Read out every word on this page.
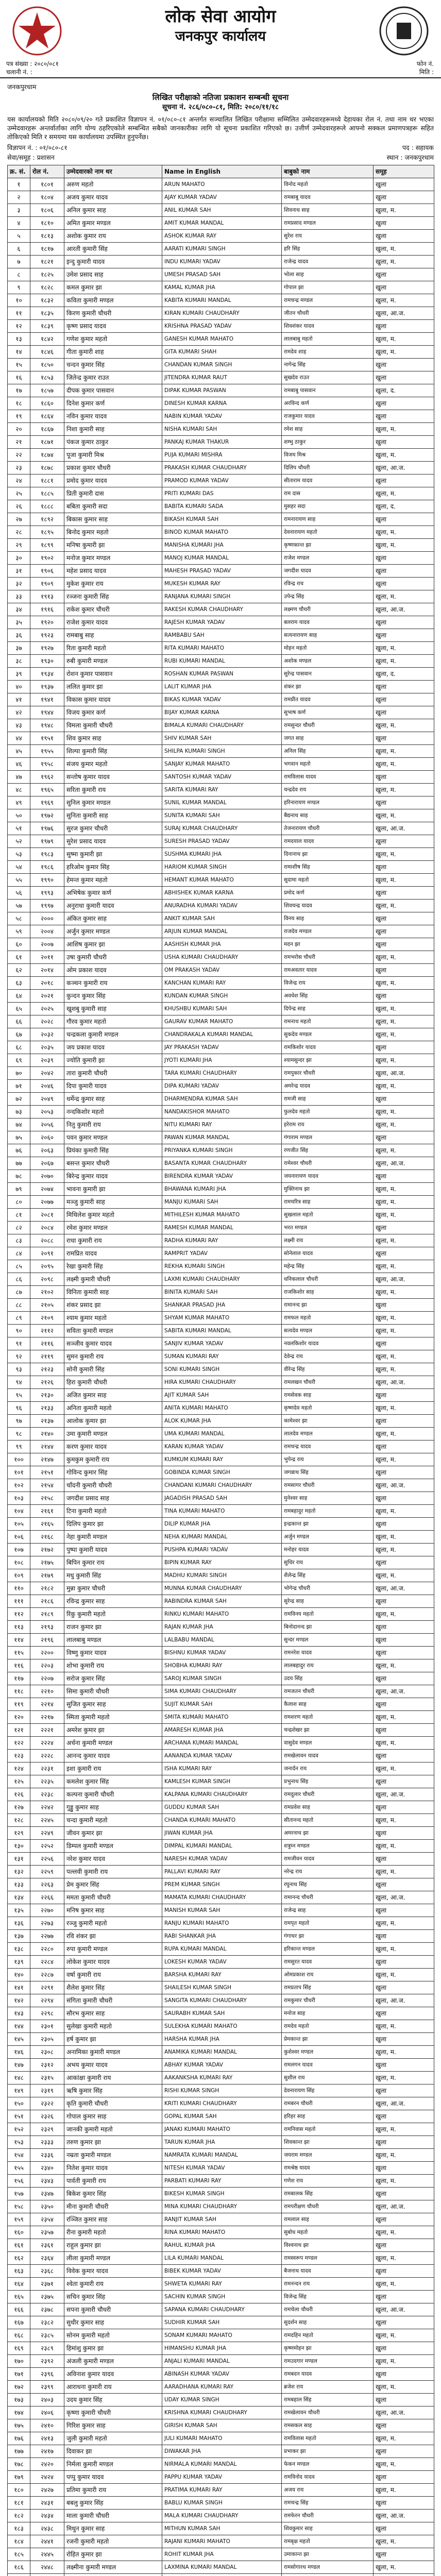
लोक सेवा आयोग
जनकपुर कार्यालय
पत्र संख्या : २०८०/०८१
चलानी नं. :
फोन नं.
मिति :
जनकपुरधाम
लिखित परीक्षाको नतिजा प्रकाशन सम्बन्धी सूचना
सूचना नं. २८६/०८०-८१, मिति: २०८०/११/१८

यस कार्यालयको मिति २०८०/०९/२० गते प्रकाशित विज्ञापन नं. ०१/०८०-८१ अन्तर्गत सञ्चालित लिखित परीक्षामा सम्मिलित उम्मेदवारहरूमध्ये देहायका रोल नं. तथा नाम थर भएका उम्मेदवारहरू अन्तर्वार्ताका लागि योग्य ठहरिएकोले सम्बन्धित सबैको जानकारीका लागि यो सूचना प्रकाशित गरिएको छ। उत्तीर्ण उम्मेदवारहरूले आफ्नो सक्कल प्रमाणपत्रहरू सहित तोकिएको मिति र समयमा यस कार्यालयमा उपस्थित हुनुपर्नेछ।

विज्ञापन नं. : ०१/०८०-८१	पद : सहायक
सेवा/समूह : प्रशासन	स्थान : जनकपुरधाम
क्र. सं.	रोल नं.	उम्मेदवारको नाम थर	Name in English	बाबुको नाम	समूह
१	१८०१	अरुण महतो	ARUN MAHATO	विनोद महतो	खुला
२	१८०४	अजय कुमार यादव	AJAY KUMAR YADAV	रामबाबु यादव	खुला
३	१८०६	अनिल कुमार साह	ANIL KUMAR SAH	शिवनाथ साह	खुला, म.
४	१८१०	अमित कुमार मण्डल	AMIT KUMAR MANDAL	रामप्रसाद मण्डल	खुला
५	१८१३	अशोक कुमार राय	ASHOK KUMAR RAY	सुरेश राय	खुला
६	१८१७	आरती कुमारी सिंह	AARATI KUMARI SINGH	हरि सिंह	खुला, म.
७	१८२१	इन्दु कुमारी यादव	INDU KUMARI YADAV	राजेन्द्र यादव	खुला, म.
८	१८२५	उमेश प्रसाद साह	UMESH PRASAD SAH	भोला साह	खुला
९	१८२८	कमल कुमार झा	KAMAL KUMAR JHA	गोपाल झा	खुला
१०	१८३२	कविता कुमारी मण्डल	KABITA KUMARI MANDAL	रामचन्द्र मण्डल	खुला, म.
११	१८३५	किरण कुमारी चौधरी	KIRAN KUMARI CHAUDHARY	जीतन चौधरी	खुला, आ.ज.
१२	१८३९	कृष्ण प्रसाद यादव	KRISHNA PRASAD YADAV	शिवशंकर यादव	खुला
१३	१८४२	गणेश कुमार महतो	GANESH KUMAR MAHATO	लालबाबु महतो	खुला, म.
१४	१८४६	गीता कुमारी शाह	GITA KUMARI SHAH	रामदेव शाह	खुला, म.
१५	१८५०	चन्दन कुमार सिंह	CHANDAN KUMAR SINGH	नागेन्द्र सिंह	खुला
१६	१८५३	जितेन्द्र कुमार राउत	JITENDRA KUMAR RAUT	सुखदेव राउत	खुला
१७	१८५७	दीपक कुमार पासवान	DIPAK KUMAR PASWAN	रामबाबु पासवान	खुला, द.
१८	१८६०	दिनेश कुमार कर्ण	DINESH KUMAR KARNA	अरविन्द कर्ण	खुला
१९	१८६४	नविन कुमार यादव	NABIN KUMAR YADAV	राजकुमार यादव	खुला
२०	१८६७	निशा कुमारी साह	NISHA KUMARI SAH	रमेश साह	खुला, म.
२१	१८७१	पंकज कुमार ठाकुर	PANKAJ KUMAR THAKUR	शम्भु ठाकुर	खुला
२२	१८७४	पूजा कुमारी मिश्र	PUJA KUMARI MISHRA	विजय मिश्र	खुला, म.
२३	१८७८	प्रकाश कुमार चौधरी	PRAKASH KUMAR CHAUDHARY	दिलिप चौधरी	खुला, आ.ज.
२४	१८८१	प्रमोद कुमार यादव	PRAMOD KUMAR YADAV	सीताराम यादव	खुला
२५	१८८५	प्रिती कुमारी दास	PRITI KUMARI DAS	राम दास	खुला, म.
२६	१८८८	बबिता कुमारी सदा	BABITA KUMARI SADA	मुसहर सदा	खुला, द.
२७	१८९२	बिकास कुमार साह	BIKASH KUMAR SAH	रामनारायण साह	खुला
२८	१८९५	बिनोद कुमार महतो	BINOD KUMAR MAHATO	देवनारायण महतो	खुला, म.
२९	१८९९	मनिषा कुमारी झा	MANISHA KUMARI JHA	कृष्णकान्त झा	खुला, म.
३०	१९०२	मनोज कुमार मण्डल	MANOJ KUMAR MANDAL	राजेश मण्डल	खुला
३१	१९०६	महेश प्रसाद यादव	MAHESH PRASAD YADAV	जगदीश यादव	खुला
३२	१९०९	मुकेश कुमार राय	MUKESH KUMAR RAY	रविन्द्र राय	खुला
३३	१९१३	रञ्जना कुमारी सिंह	RANJANA KUMARI SINGH	उपेन्द्र सिंह	खुला, म.
३४	१९१६	राकेश कुमार चौधरी	RAKESH KUMAR CHAUDHARY	लक्ष्मण चौधरी	खुला, आ.ज.
३५	१९२०	राजेश कुमार यादव	RAJESH KUMAR YADAV	बलराम यादव	खुला
३६	१९२३	रामबाबु साह	RAMBABU SAH	सत्यनारायण साह	खुला
३७	१९२७	रिता कुमारी महतो	RITA KUMARI MAHATO	मोहन महतो	खुला, म.
३८	१९३०	रुबी कुमारी मण्डल	RUBI KUMARI MANDAL	अशोक मण्डल	खुला, म.
३९	१९३४	रोशन कुमार पासवान	ROSHAN KUMAR PASWAN	सुरेन्द्र पासवान	खुला, द.
४०	१९३७	ललित कुमार झा	LALIT KUMAR JHA	शंकर झा	खुला
४१	१९४१	विकास कुमार यादव	BIKAS KUMAR YADAV	रामप्रीत यादव	खुला
४२	१९४४	विजय कुमार कर्ण	BIJAY KUMAR KARNA	सुभाष कर्ण	खुला
४३	१९४८	विमला कुमारी चौधरी	BIMALA KUMARI CHAUDHARY	रामसुन्दर चौधरी	खुला, म.
४४	१९५१	शिव कुमार साह	SHIV KUMAR SAH	जगत साह	खुला
४५	१९५५	शिल्पा कुमारी सिंह	SHILPA KUMARI SINGH	अनिल सिंह	खुला, म.
४६	१९५८	संजय कुमार महतो	SANJAY KUMAR MAHATO	भगवान महतो	खुला, म.
४७	१९६२	सन्तोष कुमार यादव	SANTOSH KUMAR YADAV	रामविलास यादव	खुला
४८	१९६५	सरिता कुमारी राय	SARITA KUMARI RAY	चन्द्रदेव राय	खुला, म.
४९	१९६९	सुनिल कुमार मण्डल	SUNIL KUMAR MANDAL	हरिनारायण मण्डल	खुला
५०	१९७२	सुनिता कुमारी साह	SUNITA KUMARI SAH	बैद्यनाथ साह	खुला, म.
५१	१९७६	सुरज कुमार चौधरी	SURAJ KUMAR CHAUDHARY	तेजनारायण चौधरी	खुला, आ.ज.
५२	१९७९	सुरेश प्रसाद यादव	SURESH PRASAD YADAV	रामदयाल यादव	खुला
५३	१९८३	सुष्मा कुमारी झा	SUSHMA KUMARI JHA	दिनानाथ झा	खुला, म.
५४	१९८६	हरिओम कुमार सिंह	HARIOM KUMAR SINGH	रामाशीष सिंह	खुला
५५	१९९०	हेमन्त कुमार महतो	HEMANT KUMAR MAHATO	सुदामा महतो	खुला, म.
५६	१९९३	अभिषेक कुमार कर्ण	ABHISHEK KUMAR KARNA	प्रमोद कर्ण	खुला
५७	१९९७	अनुराधा कुमारी यादव	ANURADHA KUMARI YADAV	शिवचन्द्र यादव	खुला, म.
५८	२०००	अंकित कुमार साह	ANKIT KUMAR SAH	विनय साह	खुला
५९	२००४	अर्जुन कुमार मण्डल	ARJUN KUMAR MANDAL	राजदेव मण्डल	खुला
६०	२००७	आशिष कुमार झा	AASHISH KUMAR JHA	मदन झा	खुला
६१	२०११	उषा कुमारी चौधरी	USHA KUMARI CHAUDHARY	रामभरोस चौधरी	खुला, म.
६२	२०१४	ओम प्रकाश यादव	OM PRAKASH YADAV	रामअवतार यादव	खुला
६३	२०१८	कञ्चन कुमारी राय	KANCHAN KUMARI RAY	विजेन्द्र राय	खुला, म.
६४	२०२१	कुन्दन कुमार सिंह	KUNDAN KUMAR SINGH	अवधेश सिंह	खुला
६५	२०२५	खुशबु कुमारी साह	KHUSHBU KUMARI SAH	दिपेन्द्र साह	खुला, म.
६६	२०२८	गौरव कुमार महतो	GAURAV KUMAR MAHATO	रामनाथ महतो	खुला, म.
६७	२०३२	चन्द्रकला कुमारी मण्डल	CHANDRAKALA KUMARI MANDAL	सुकदेव मण्डल	खुला, म.
६८	२०३५	जय प्रकाश यादव	JAY PRAKASH YADAV	रामकिशोर यादव	खुला
६९	२०३९	ज्योति कुमारी झा	JYOTI KUMARI JHA	श्यामसुन्दर झा	खुला, म.
७०	२०४२	तारा कुमारी चौधरी	TARA KUMARI CHAUDHARY	रामपुकार चौधरी	खुला, आ.ज.
७१	२०४६	दिपा कुमारी यादव	DIPA KUMARI YADAV	अमरेन्द्र यादव	खुला, म.
७२	२०४९	धर्मेन्द्र कुमार साह	DHARMENDRA KUMAR SAH	रामजी साह	खुला
७३	२०५३	नन्दकिशोर महतो	NANDAKISHOR MAHATO	फुलदेव महतो	खुला, म.
७४	२०५६	नितु कुमारी राय	NITU KUMARI RAY	हरेराम राय	खुला, म.
७५	२०६०	पवन कुमार मण्डल	PAWAN KUMAR MANDAL	गंगाराम मण्डल	खुला
७६	२०६३	प्रियंका कुमारी सिंह	PRIYANKA KUMARI SINGH	रणजीत सिंह	खुला, म.
७७	२०६७	बसन्त कुमार चौधरी	BASANTA KUMAR CHAUDHARY	रामेश्वर चौधरी	खुला, आ.ज.
७८	२०७०	बिरेन्द्र कुमार यादव	BIRENDRA KUMAR YADAV	जयनारायण यादव	खुला
७९	२०७४	भावना कुमारी झा	BHAWANA KUMARI JHA	मुक्तिनाथ झा	खुला, म.
८०	२०७७	मञ्जु कुमारी साह	MANJU KUMARI SAH	रामचरित्र साह	खुला, म.
८१	२०८१	मिथिलेश कुमार महतो	MITHILESH KUMAR MAHATO	सुखलाल महतो	खुला, म.
८२	२०८४	रमेश कुमार मण्डल	RAMESH KUMAR MANDAL	भरत मण्डल	खुला
८३	२०८८	राधा कुमारी राय	RADHA KUMARI RAY	लक्ष्मी राय	खुला, म.
८४	२०९१	रामप्रित यादव	RAMPRIT YADAV	सोनेलाल यादव	खुला
८५	२०९५	रेखा कुमारी सिंह	REKHA KUMARI SINGH	महेन्द्र सिंह	खुला, म.
८६	२०९८	लक्ष्मी कुमारी चौधरी	LAXMI KUMARI CHAUDHARY	धनिकलाल चौधरी	खुला, आ.ज.
८७	२१०२	विनिता कुमारी साह	BINITA KUMARI SAH	राजकिशोर साह	खुला, म.
८८	२१०५	शंकर प्रसाद झा	SHANKAR PRASAD JHA	रामानन्द झा	खुला
८९	२१०९	श्याम कुमार महतो	SHYAM KUMAR MAHATO	रामफल महतो	खुला, म.
९०	२११२	सविता कुमारी मण्डल	SABITA KUMARI MANDAL	सत्यदेव मण्डल	खुला, म.
९१	२११६	सञ्जीव कुमार यादव	SANJIV KUMAR YADAV	नवलकिशोर यादव	खुला
९२	२११९	सुमन कुमारी राय	SUMAN KUMARI RAY	देवेन्द्र राय	खुला, म.
९३	२१२३	सोनी कुमारी सिंह	SONI KUMARI SINGH	वीरेन्द्र सिंह	खुला, म.
९४	२१२६	हिरा कुमारी चौधरी	HIRA KUMARI CHAUDHARY	रामलखन चौधरी	खुला, आ.ज.
९५	२१३०	अजित कुमार साह	AJIT KUMAR SAH	रामसेवक साह	खुला
९६	२१३३	अनिता कुमारी महतो	ANITA KUMARI MAHATO	कृष्णदेव महतो	खुला, म.
९७	२१३७	आलोक कुमार झा	ALOK KUMAR JHA	कामेश्वर झा	खुला
९८	२१४०	उमा कुमारी मण्डल	UMA KUMARI MANDAL	लालदेव मण्डल	खुला, म.
९९	२१४४	करण कुमार यादव	KARAN KUMAR YADAV	रामचन्द्र यादव	खुला
१००	२१४७	कुमकुम कुमारी राय	KUMKUM KUMARI RAY	भुपेन्द्र राय	खुला, म.
१०१	२१५१	गोविन्द कुमार सिंह	GOBINDA KUMAR SINGH	जगन्नाथ सिंह	खुला
१०२	२१५४	चाँदनी कुमारी चौधरी	CHANDANI KUMARI CHAUDHARY	रामसागर चौधरी	खुला, आ.ज.
१०३	२१५८	जगदीश प्रसाद साह	JAGADISH PRASAD SAH	मुनेश्वर साह	खुला
१०४	२१६१	टिना कुमारी महतो	TINA KUMARI MAHATO	रामबहादुर महतो	खुला, म.
१०५	२१६५	दिलिप कुमार झा	DILIP KUMAR JHA	इन्द्रकान्त झा	खुला
१०६	२१६८	नेहा कुमारी मण्डल	NEHA KUMARI MANDAL	अर्जुन मण्डल	खुला, म.
१०७	२१७२	पुष्पा कुमारी यादव	PUSHPA KUMARI YADAV	मनोहर यादव	खुला, म.
१०८	२१७५	बिपिन कुमार राय	BIPIN KUMAR RAY	सुधिर राय	खुला
१०९	२१७९	मधु कुमारी सिंह	MADHU KUMARI SINGH	शैलेन्द्र सिंह	खुला, म.
११०	२१८२	मुन्ना कुमार चौधरी	MUNNA KUMAR CHAUDHARY	भोगेन्द्र चौधरी	खुला, आ.ज.
१११	२१८६	रविन्द्र कुमार साह	RABINDRA KUMAR SAH	सुरेन्द्र साह	खुला
११२	२१८९	रिंकु कुमारी महतो	RINKU KUMARI MAHATO	रामविनय महतो	खुला, म.
११३	२१९३	राजन कुमार झा	RAJAN KUMAR JHA	बिनोदानन्द झा	खुला
११४	२१९६	लालबाबु मण्डल	LALBABU MANDAL	सुन्दर मण्डल	खुला
११५	२२००	विष्णु कुमार यादव	BISHNU KUMAR YADAV	रामनरेश यादव	खुला
११६	२२०३	शोभा कुमारी राय	SHOBHA KUMARI RAY	लालबहादुर राय	खुला, म.
११७	२२०७	सरोज कुमार सिंह	SAROJ KUMAR SINGH	उदय सिंह	खुला
११८	२२१०	सिमा कुमारी चौधरी	SIMA KUMARI CHAUDHARY	रामजतन चौधरी	खुला, आ.ज.
११९	२२१४	सुजित कुमार साह	SUJIT KUMAR SAH	कैलाश साह	खुला
१२०	२२१७	स्मिता कुमारी महतो	SMITA KUMARI MAHATO	रामशरण महतो	खुला, म.
१२१	२२२१	अमरेश कुमार झा	AMARESH KUMAR JHA	चन्द्रशेखर झा	खुला
१२२	२२२४	अर्चना कुमारी मण्डल	ARCHANA KUMARI MANDAL	वासुदेव मण्डल	खुला, म.
१२३	२२२८	आनन्द कुमार यादव	AANANDA KUMAR YADAV	रामखेलावन यादव	खुला
१२४	२२३१	इशा कुमारी राय	ISHA KUMARI RAY	जनार्दन राय	खुला, म.
१२५	२२३५	कमलेश कुमार सिंह	KAMLESH KUMAR SINGH	प्रभुनाथ सिंह	खुला
१२६	२२३८	कल्पना कुमारी चौधरी	KALPANA KUMARI CHAUDHARY	रामदुलार चौधरी	खुला, आ.ज.
१२७	२२४२	गुड्डु कुमार साह	GUDDU KUMAR SAH	रामप्रवेश साह	खुला
१२८	२२४५	चन्दा कुमारी महतो	CHANDA KUMARI MAHATO	सीतानन्द महतो	खुला, म.
१२९	२२४९	जीवन कुमार झा	JIWAN KUMAR JHA	अमरनाथ झा	खुला
१३०	२२५२	डिम्पल कुमारी मण्डल	DIMPAL KUMARI MANDAL	शत्रुघ्न मण्डल	खुला, म.
१३१	२२५६	नरेश कुमार यादव	NARESH KUMAR YADAV	रामजीवन यादव	खुला
१३२	२२५९	पल्लवी कुमारी राय	PALLAVI KUMARI RAY	नरेन्द्र राय	खुला, म.
१३३	२२६३	प्रेम कुमार सिंह	PREM KUMAR SINGH	रघुनाथ सिंह	खुला
१३४	२२६६	ममता कुमारी चौधरी	MAMATA KUMARI CHAUDHARY	रामानन्द चौधरी	खुला, आ.ज.
१३५	२२७०	मनिष कुमार साह	MANISH KUMAR SAH	राजेन्द्र साह	खुला
१३६	२२७३	रञ्जु कुमारी महतो	RANJU KUMARI MAHATO	रामपृत महतो	खुला, म.
१३७	२२७७	रवि शंकर झा	RABI SHANKAR JHA	गंगाधर झा	खुला
१३८	२२८०	रुपा कुमारी मण्डल	RUPA KUMARI MANDAL	हरिकान्त मण्डल	खुला, म.
१३९	२२८४	लोकेश कुमार यादव	LOKESH KUMAR YADAV	रामसुरत यादव	खुला
१४०	२२८७	वर्षा कुमारी राय	BARSHA KUMARI RAY	ओमप्रकाश राय	खुला, म.
१४१	२२९१	शैलेश कुमार सिंह	SHAILESH KUMAR SINGH	रामप्रताप सिंह	खुला
१४२	२२९४	संगिता कुमारी चौधरी	SANGITA KUMARI CHAUDHARY	रामकुमार चौधरी	खुला, आ.ज.
१४३	२२९८	सौरभ कुमार साह	SAURABH KUMAR SAH	मनोज साह	खुला
१४४	२३०१	सुलेखा कुमारी महतो	SULEKHA KUMARI MAHATO	रामदेव महतो	खुला, म.
१४५	२३०५	हर्ष कुमार झा	HARSHA KUMAR JHA	प्रेमकान्त झा	खुला
१४६	२३०८	अनामिका कुमारी मण्डल	ANAMIKA KUMARI MANDAL	कुशेश्वर मण्डल	खुला, म.
१४७	२३१२	अभय कुमार यादव	ABHAY KUMAR YADAV	रामलगन यादव	खुला
१४८	२३१५	आकांक्षा कुमारी राय	AAKANKSHA KUMARI RAY	सुशील राय	खुला, म.
१४९	२३१९	ऋषि कुमार सिंह	RISHI KUMAR SINGH	देवनारायण सिंह	खुला
१५०	२३२२	कृति कुमारी चौधरी	KRITI KUMARI CHAUDHARY	रामबरन चौधरी	खुला, आ.ज.
१५१	२३२६	गोपाल कुमार साह	GOPAL KUMAR SAH	हरिहर साह	खुला
१५२	२३२९	जानकी कुमारी महतो	JANAKI KUMARI MAHATO	रामनिवास महतो	खुला, म.
१५३	२३३३	तरुण कुमार झा	TARUN KUMAR JHA	शिवकान्त झा	खुला
१५४	२३३६	नम्रता कुमारी मण्डल	NAMRATA KUMARI MANDAL	जयराम मण्डल	खुला, म.
१५५	२३४०	नितेश कुमार यादव	NITESH KUMAR YADAV	रामश्रेष्ठ यादव	खुला
१५६	२३४३	पार्वती कुमारी राय	PARBATI KUMARI RAY	गणेश राय	खुला, म.
१५७	२३४७	बिकेश कुमार सिंह	BIKESH KUMAR SINGH	रामबालक सिंह	खुला
१५८	२३५०	मीना कुमारी चौधरी	MINA KUMARI CHAUDHARY	रामपरीक्षण चौधरी	खुला, आ.ज.
१५९	२३५४	रञ्जित कुमार साह	RANJIT KUMAR SAH	रामलाल साह	खुला
१६०	२३५७	रीना कुमारी महतो	RINA KUMARI MAHATO	सुबोध महतो	खुला, म.
१६१	२३६१	राहुल कुमार झा	RAHUL KUMAR JHA	विश्वनाथ झा	खुला
१६२	२३६४	लीला कुमारी मण्डल	LILA KUMARI MANDAL	रामस्वरूप मण्डल	खुला, म.
१६३	२३६८	विवेक कुमार यादव	BIBEK KUMAR YADAV	बैजनाथ यादव	खुला
१६४	२३७१	श्वेता कुमारी राय	SHWETA KUMARI RAY	रामनन्दन राय	खुला, म.
१६५	२३७५	सचिन कुमार सिंह	SACHIN KUMAR SINGH	विजेन्द्र सिंह	खुला
१६६	२३७८	सपना कुमारी चौधरी	SAPANA KUMARI CHAUDHARY	रामचेला चौधरी	खुला, आ.ज.
१६७	२३८२	सुधीर कुमार साह	SUDHIR KUMAR SAH	सुदर्शन साह	खुला
१६८	२३८५	सोनम कुमारी महतो	SONAM KUMARI MAHATO	रामदहिन महतो	खुला, म.
१६९	२३८९	हिमांशु कुमार झा	HIMANSHU KUMAR JHA	कृष्णमोहन झा	खुला
१७०	२३९२	अंजली कुमारी मण्डल	ANJALI KUMARI MANDAL	रामउदगार मण्डल	खुला, म.
१७१	२३९६	अविनाश कुमार यादव	ABINASH KUMAR YADAV	रामबदन यादव	खुला
१७२	२३९९	आराधना कुमारी राय	AARADHANA KUMARI RAY	ब्रजेश राय	खुला, म.
१७३	२४०३	उदय कुमार सिंह	UDAY KUMAR SINGH	रामबहाल सिंह	खुला
१७४	२४०६	कृष्णा कुमारी चौधरी	KRISHNA KUMARI CHAUDHARY	रामखेलावन चौधरी	खुला, आ.ज.
१७५	२४१०	गिरिश कुमार साह	GIRISH KUMAR SAH	रामसकल साह	खुला
१७६	२४१३	जुली कुमारी महतो	JULI KUMARI MAHATO	रामविलास महतो	खुला, म.
१७७	२४१७	दिवाकर झा	DIWAKAR JHA	प्रभाकर झा	खुला
१७८	२४२०	निर्मला कुमारी मण्डल	NIRMALA KUMARI MANDAL	फेकन मण्डल	खुला, म.
१७९	२४२४	पप्पु कुमार यादव	PAPPU KUMAR YADAV	रामविनोद यादव	खुला
१८०	२४२७	प्रतिमा कुमारी राय	PRATIMA KUMARI RAY	अजय राय	खुला, म.
१८१	२४३१	बबलु कुमार सिंह	BABLU KUMAR SINGH	रामचन्द्र सिंह	खुला
१८२	२४३४	माला कुमारी चौधरी	MALA KUMARI CHAUDHARY	रामफेरन चौधरी	खुला, आ.ज.
१८३	२४३८	मिथुन कुमार साह	MITHUN KUMAR SAH	शिवकुमार साह	खुला
१८४	२४४१	रजनी कुमारी महतो	RAJANI KUMARI MAHATO	रामबृक्ष महतो	खुला, म.
१८५	२४४५	रोहित कुमार झा	ROHIT KUMAR JHA	उमाकान्त झा	खुला
१८६	२४४८	लक्ष्मीना कुमारी मण्डल	LAXMINA KUMARI MANDAL	रामसोगारथ मण्डल	खुला, म.
